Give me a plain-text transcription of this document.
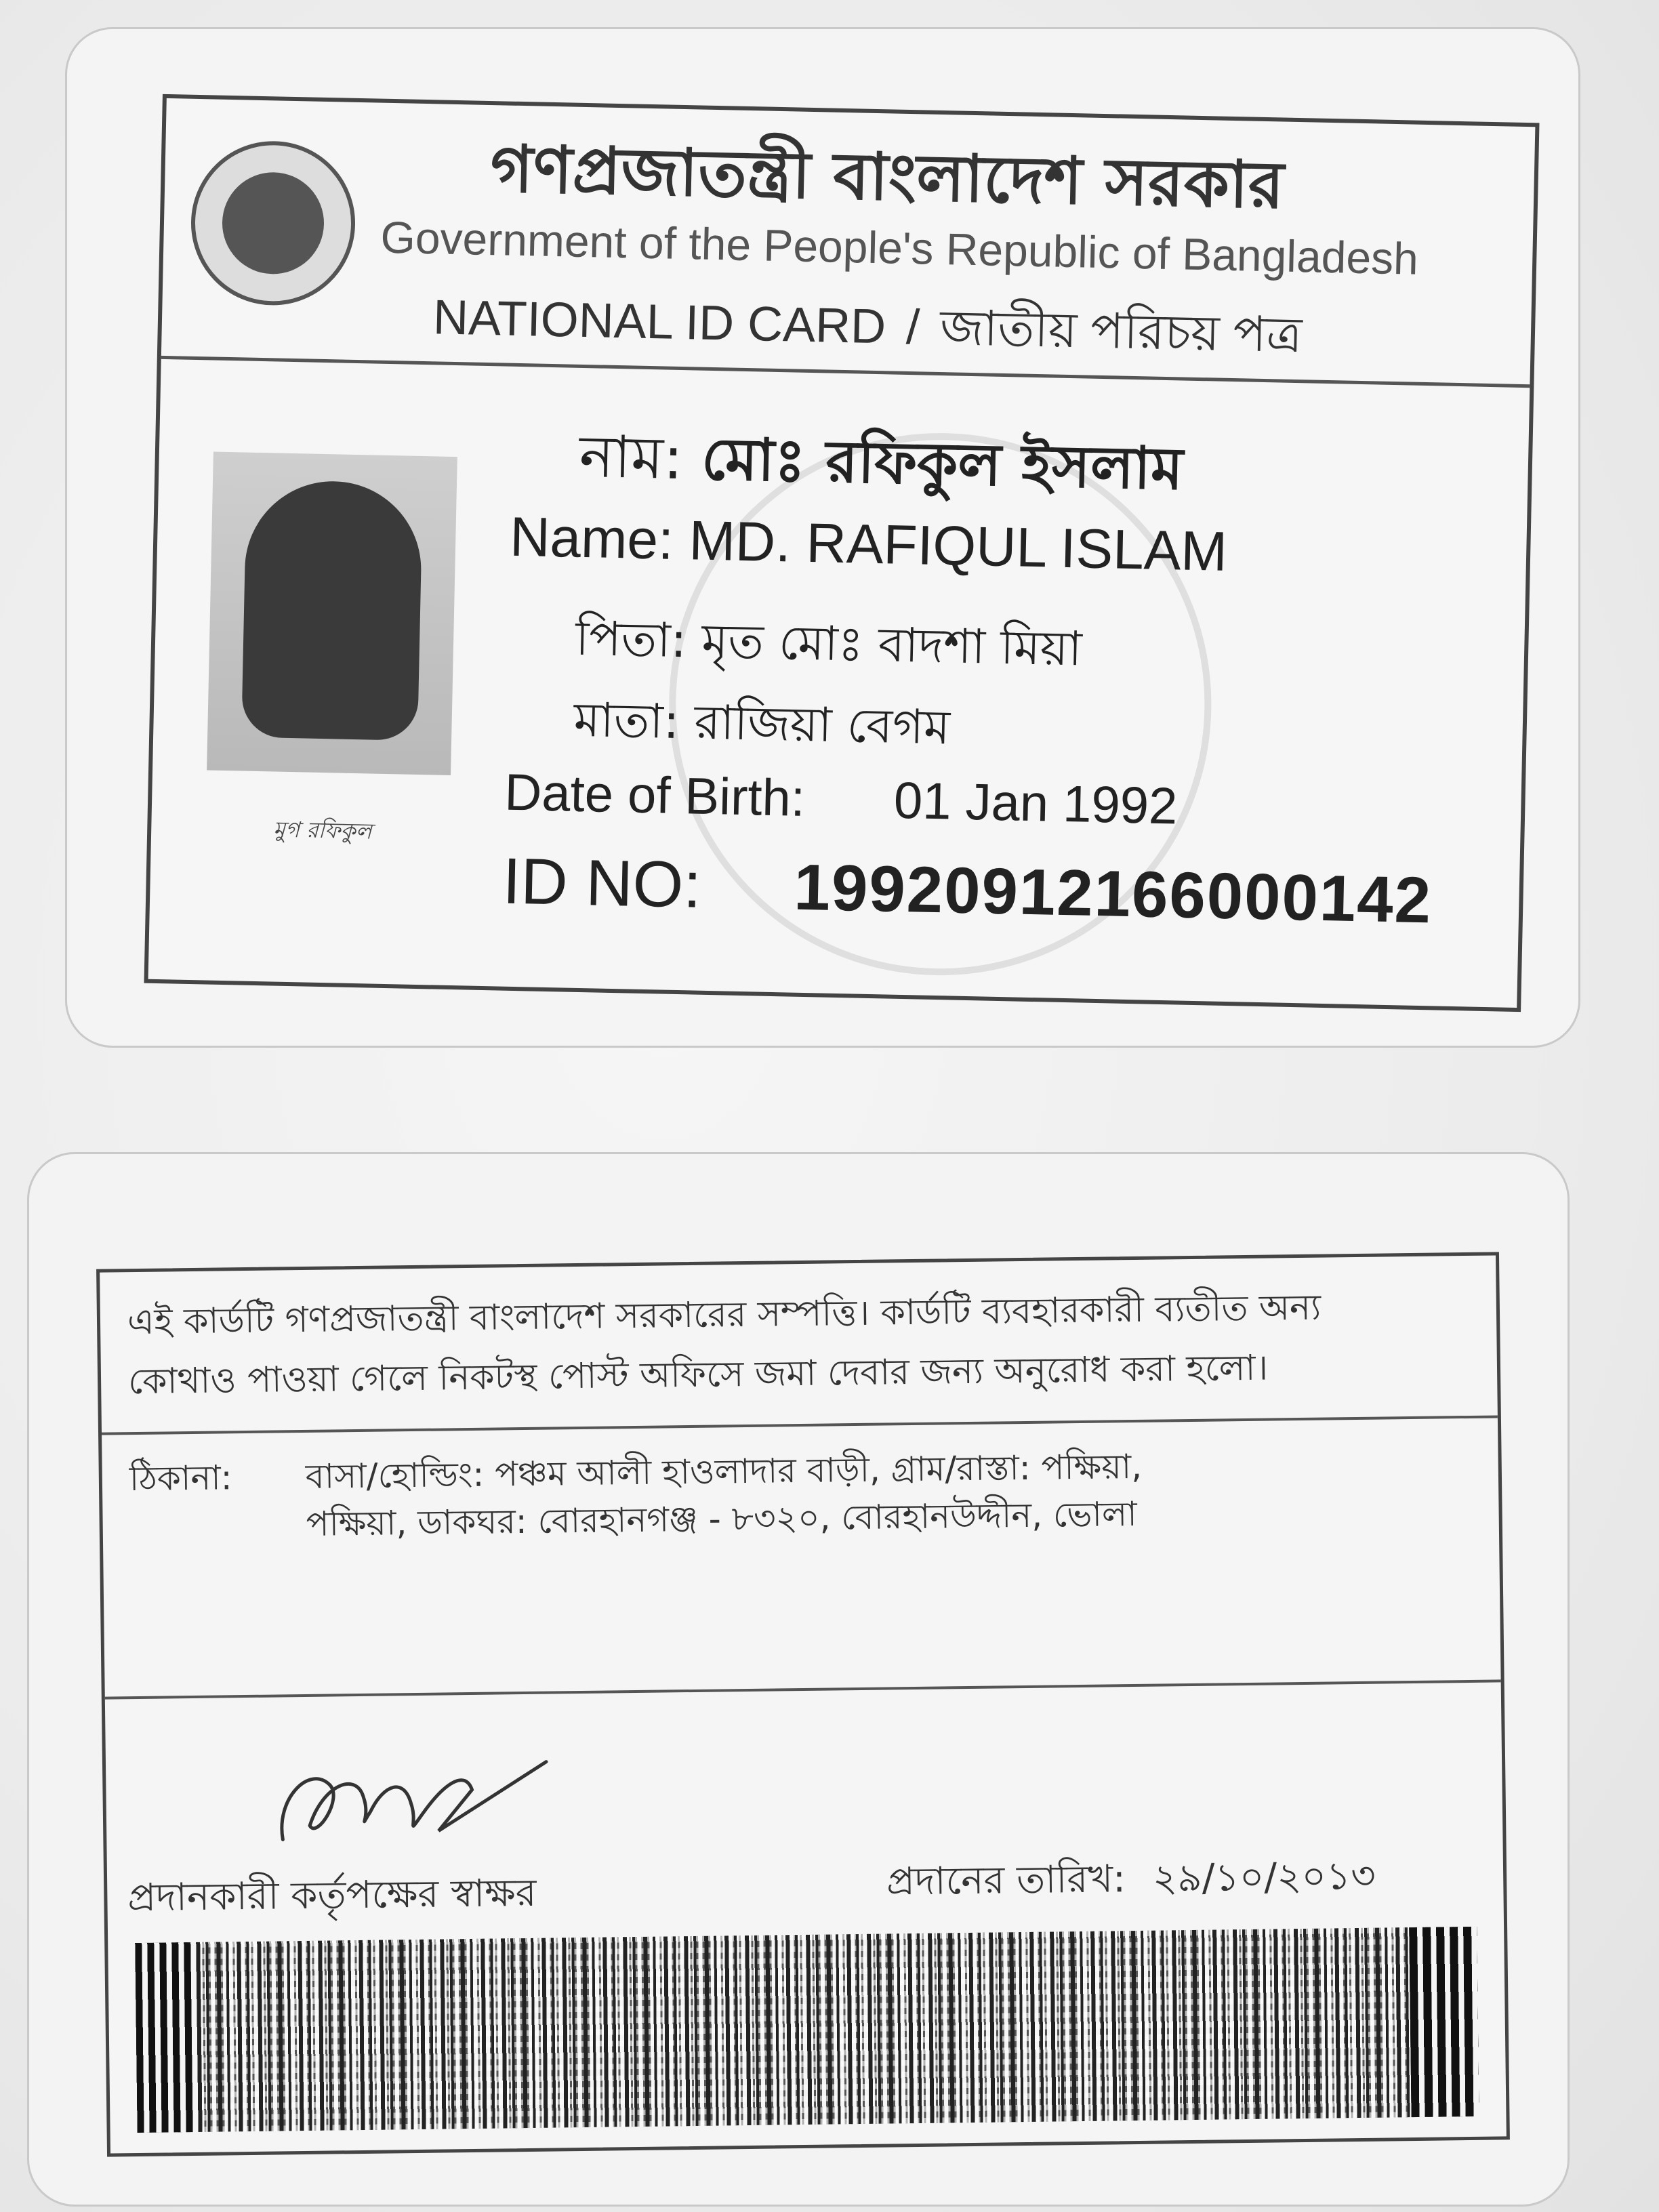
গণপ্রজাতন্ত্রী বাংলাদেশ সরকার
Government of the People's Republic of Bangladesh
NATIONAL ID CARD / জাতীয় পরিচয় পত্র
মুগ রফিকুল
নাম: মোঃ রফিকুল ইসলাম
Name: MD. RAFIQUL ISLAM
পিতা: মৃত মোঃ বাদশা মিয়া
মাতা: রাজিয়া বেগম
Date of Birth: 01 Jan 1992
ID NO: 19920912166000142
এই কার্ডটি গণপ্রজাতন্ত্রী বাংলাদেশ সরকারের সম্পত্তি। কার্ডটি ব্যবহারকারী ব্যতীত অন্য
কোথাও পাওয়া গেলে নিকটস্থ পোস্ট অফিসে জমা দেবার জন্য অনুরোধ করা হলো।
ঠিকানা: বাসা/হোল্ডিং: পঞ্চম আলী হাওলাদার বাড়ী, গ্রাম/রাস্তা: পক্ষিয়া,
পক্ষিয়া, ডাকঘর: বোরহানগঞ্জ - ৮৩২০, বোরহানউদ্দীন, ভোলা
প্রদানকারী কর্তৃপক্ষের স্বাক্ষর	প্রদানের তারিখ: ২৯/১০/২০১৩
